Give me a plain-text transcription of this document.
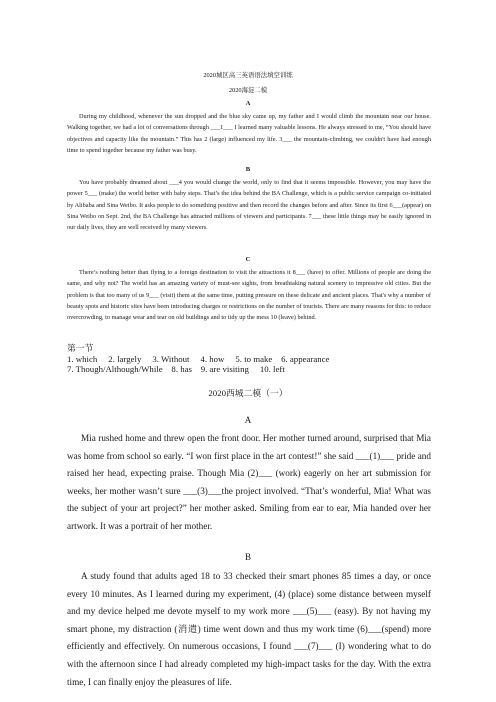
2020城区高三英语语法填空训练
2020海淀二模
A

During my childhood, whenever the sun dropped and the blue sky came up, my father and I would climb the mountain near our house. Walking together, we had a lot of conversations through ___1___ I learned many valuable lessons. He always stressed to me, “You should have objectives and capacity like the mountain.” This has 2 (large) influenced my life. 3___ the mountain-climbing, we couldn't have had enough time to spend together because my father was busy.

B

You have probably dreamed about ___4 you would change the world, only to find that it seems impossible. However, you may have the power 5___ (make) the world better with baby steps. That’s the idea behind the BA Challenge, which is a public service campaign co-initiated by Alibaba and Sina Weibo. It asks people to do something positive and then record the changes before and after. Since its first 6___(appear) on Sina Weibo on Sept. 2nd, the BA Challenge has attracted millions of viewers and participants. 7___ these little things may be easily ignored in our daily lives, they are well received by many viewers.

C

There’s nothing better than flying to a foreign destination to visit the attractions it 8___ (have) to offer. Millions of people are doing the same, and why not? The world has an amazing variety of must-see sights, from breathtaking natural scenery to impressive old cities. But the problem is that too many of us 9___ (visit) them at the same time, putting pressure on these delicate and ancient places. That's why a number of beauty spots and historic sites have been introducing charges or restrictions on the number of tourists. There are many reasons for this: to reduce overcrowding, to manage wear and tear on old buildings and to tidy up the mess 10 (leave) behind.

第一节
1. which     2. largely     3. Without     4. how     5. to make    6. appearance
7. Though/Although/While    8. has    9. are visiting     10. left
2020西城二模（一）
A

Mia rushed home and threw open the front door. Her mother turned around, surprised that Mia was home from school so early. “I won first place in the art contest!” she said ___(1)___ pride and raised her head, expecting praise. Though Mia (2)___ (work) eagerly on her art submission for weeks, her mother wasn’t sure ___(3)___the project involved. “That’s wonderful, Mia! What was the subject of your art project?” her mother asked. Smiling from ear to ear, Mia handed over her artwork. It was a portrait of her mother.

B

A study found that adults aged 18 to 33 checked their smart phones 85 times a day, or once every 10 minutes. As I learned during my experiment, (4) (place) some distance between myself and my device helped me devote myself to my work more ___(5)___ (easy). By not having my smart phone, my distraction (消遣) time went down and thus my work time (6)___(spend) more efficiently and effectively. On numerous occasions, I found ___(7)___ (I) wondering what to do with the afternoon since I had already completed my high-impact tasks for the day. With the extra time, I can finally enjoy the pleasures of life.
